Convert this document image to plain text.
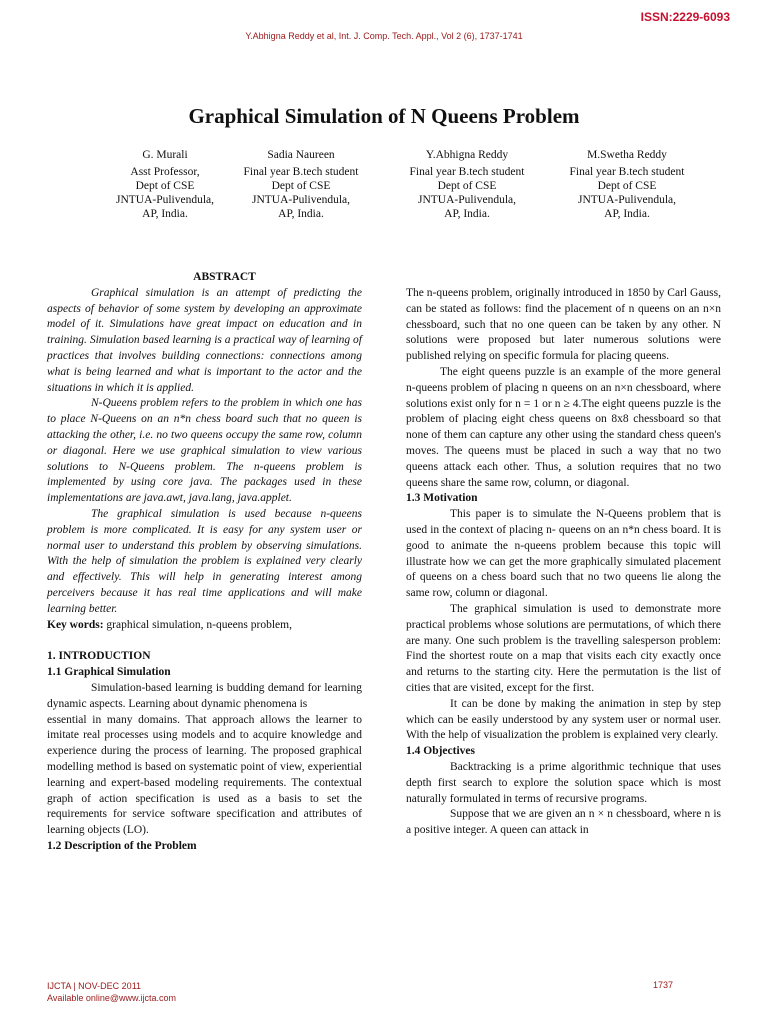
ISSN:2229-6093
Y.Abhigna Reddy et al, Int. J. Comp. Tech. Appl., Vol 2 (6), 1737-1741
Graphical Simulation of N Queens Problem
G. Murali
Asst Professor,
Dept of CSE
JNTUA-Pulivendula,
AP, India.
Sadia Naureen
Final year B.tech student
Dept of CSE
JNTUA-Pulivendula,
AP, India.
Y.Abhigna Reddy
Final year B.tech student
Dept of CSE
JNTUA-Pulivendula,
AP, India.
M.Swetha Reddy
Final year B.tech student
Dept of CSE
JNTUA-Pulivendula,
AP, India.

ABSTRACT

Graphical simulation is an attempt of predicting the aspects of behavior of some system by developing an approximate model of it. Simulations have great impact on education and in training. Simulation based learning is a practical way of learning of practices that involves building connections: connections among what is being learned and what is important to the actor and the situations in which it is applied.

N-Queens problem refers to the problem in which one has to place N-Queens on an n*n chess board such that no queen is attacking the other, i.e. no two queens occupy the same row, column or diagonal. Here we use graphical simulation to view various solutions to N-Queens problem. The n-queens problem is implemented by using core java. The packages used in these implementations are java.awt, java.lang, java.applet.

The graphical simulation is used because n-queens problem is more complicated. It is easy for any system user or normal user to understand this problem by observing simulations. With the help of simulation the problem is explained very clearly and effectively. This will help in generating interest among perceivers because it has real time applications and will make learning better.

Key words: graphical simulation, n-queens problem,

1. INTRODUCTION

1.1 Graphical Simulation

Simulation-based learning is budding demand for learning dynamic aspects. Learning about dynamic phenomena is

essential in many domains. That approach allows the learner to imitate real processes using models and to acquire knowledge and experience during the process of learning. The proposed graphical modelling method is based on systematic point of view, experiential learning and expert-based modeling requirements. The contextual graph of action specification is used as a basis to set the requirements for service software specification and attributes of learning objects (LO).

1.2 Description of the Problem

The n-queens problem, originally introduced in 1850 by Carl Gauss, can be stated as follows: find the placement of n queens on an n×n chessboard, such that no one queen can be taken by any other. N solutions were proposed but later numerous solutions were published relying on specific formula for placing queens.

The eight queens puzzle is an example of the more general n-queens problem of placing n queens on an n×n chessboard, where solutions exist only for n = 1 or n ≥ 4.The eight queens puzzle is the problem of placing eight chess queens on 8x8 chessboard so that none of them can capture any other using the standard chess queen's moves. The queens must be placed in such a way that no two queens attack each other. Thus, a solution requires that no two queens share the same row, column, or diagonal.

1.3 Motivation

This paper is to simulate the N-Queens problem that is used in the context of placing n- queens on an n*n chess board. It is good to animate the n-queens problem because this topic will illustrate how we can get the more graphically simulated placement of queens on a chess board such that no two queens lie along the same row, column or diagonal.

The graphical simulation is used to demonstrate more practical problems whose solutions are permutations, of which there are many. One such problem is the travelling salesperson problem: Find the shortest route on a map that visits each city exactly once and returns to the starting city. Here the permutation is the list of cities that are visited, except for the first.

It can be done by making the animation in step by step which can be easily understood by any system user or normal user. With the help of visualization the problem is explained very clearly.

1.4 Objectives

Backtracking is a prime algorithmic technique that uses depth first search to explore the solution space which is most naturally formulated in terms of recursive programs.

Suppose that we are given an n × n chessboard, where n is a positive integer. A queen can attack in

IJCTA | NOV-DEC 2011
Available online@www.ijcta.com
1737
